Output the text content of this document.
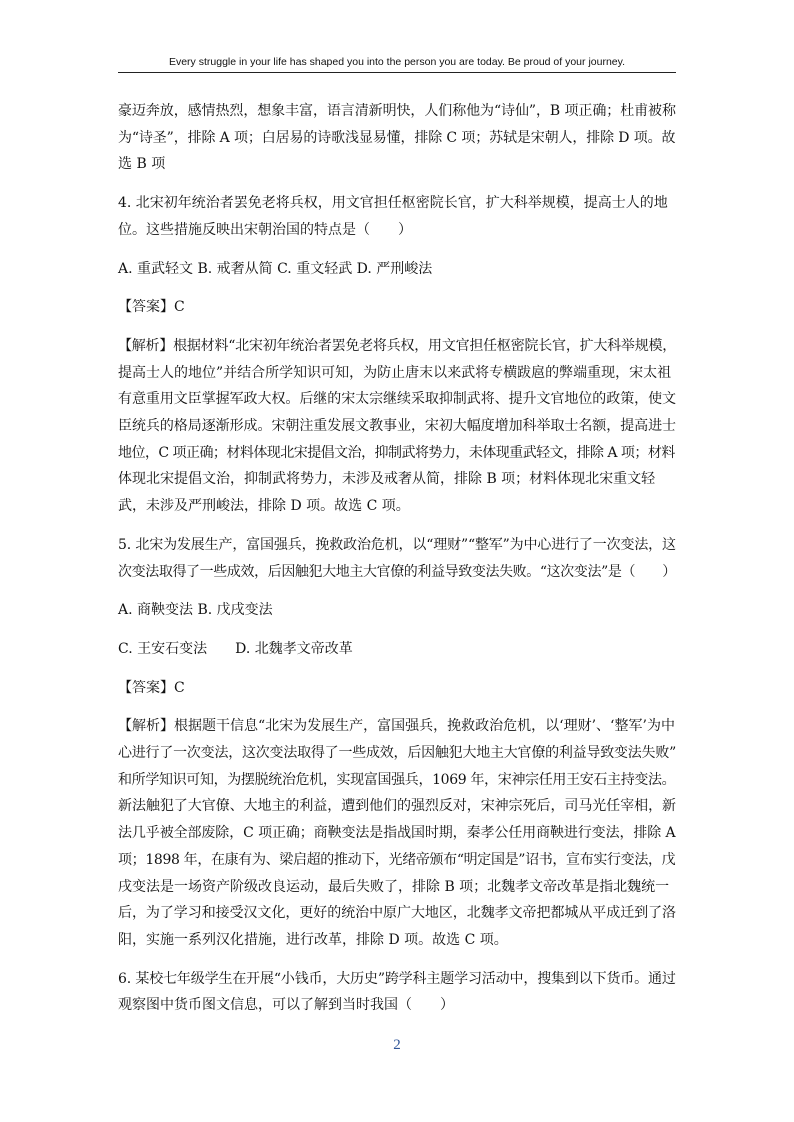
Every struggle in your life has shaped you into the person you are today. Be proud of your journey.

豪迈奔放，感情热烈，想象丰富，语言清新明快，人们称他为“诗仙”，B 项正确；杜甫被称

为“诗圣”，排除 A 项；白居易的诗歌浅显易懂，排除 C 项；苏轼是宋朝人，排除 D 项。故

选 B 项

4. 北宋初年统治者罢免老将兵权，用文官担任枢密院长官，扩大科举规模，提高士人的地

位。这些措施反映出宋朝治国的特点是（　　）

A. 重武轻文 B. 戒奢从简 C. 重文轻武 D. 严刑峻法

【答案】C

【解析】根据材料“北宋初年统治者罢免老将兵权，用文官担任枢密院长官，扩大科举规模，

提高士人的地位”并结合所学知识可知，为防止唐末以来武将专横跋扈的弊端重现，宋太祖

有意重用文臣掌握军政大权。后继的宋太宗继续采取抑制武将、提升文官地位的政策，使文

臣统兵的格局逐渐形成。宋朝注重发展文教事业，宋初大幅度增加科举取士名额，提高进士

地位，C 项正确；材料体现北宋提倡文治，抑制武将势力，未体现重武轻文，排除 A 项；材料

体现北宋提倡文治，抑制武将势力，未涉及戒奢从简，排除 B 项；材料体现北宋重文轻

武，未涉及严刑峻法，排除 D 项。故选 C 项。

5. 北宋为发展生产，富国强兵，挽救政治危机，以“理财”“整军”为中心进行了一次变法，这

次变法取得了一些成效，后因触犯大地主大官僚的利益导致变法失败。“这次变法”是（　　）

A. 商鞅变法 B. 戊戌变法

C. 王安石变法　　D. 北魏孝文帝改革

【答案】C

【解析】根据题干信息“北宋为发展生产，富国强兵，挽救政治危机，以‘理财’、‘整军’为中

心进行了一次变法，这次变法取得了一些成效，后因触犯大地主大官僚的利益导致变法失败”

和所学知识可知，为摆脱统治危机，实现富国强兵，1069 年，宋神宗任用王安石主持变法。

新法触犯了大官僚、大地主的利益，遭到他们的强烈反对，宋神宗死后，司马光任宰相，新

法几乎被全部废除，C 项正确；商鞅变法是指战国时期，秦孝公任用商鞅进行变法，排除 A

项；1898 年，在康有为、梁启超的推动下，光绪帝颁布“明定国是”诏书，宣布实行变法，戊

戌变法是一场资产阶级改良运动，最后失败了，排除 B 项；北魏孝文帝改革是指北魏统一

后，为了学习和接受汉文化，更好的统治中原广大地区，北魏孝文帝把都城从平成迁到了洛

阳，实施一系列汉化措施，进行改革，排除 D 项。故选 C 项。

6. 某校七年级学生在开展“小钱币，大历史”跨学科主题学习活动中，搜集到以下货币。通过

观察图中货币图文信息，可以了解到当时我国（　　）

2
